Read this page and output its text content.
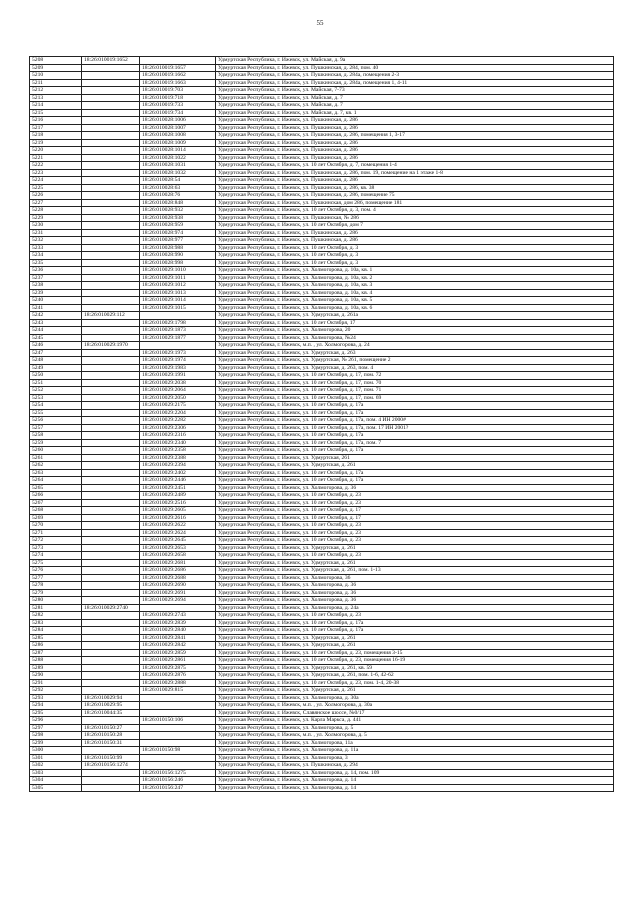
55
5208	18:26:010019:1652		Удмуртская Республика, г. Ижевск, ул. Майская, д. 9а
5209		18:26:010019:1657	Удмуртская Республика, г. Ижевск, ул. Пушкинская, д. 284, пом. 40
5210		18:26:010019:1662	Удмуртская Республика, г. Ижевск, ул. Пушкинская, д. 284а, помещения 2-3
5211		18:26:010019:1663	Удмуртская Республика, г. Ижевск, ул. Пушкинская, д. 284а, помещения 1, 4-11
5212		18:26:010019:703	Удмуртская Республика, г. Ижевск, ул. Майская, 7-73
5213		18:26:010019:718	Удмуртская Республика, г. Ижевск, ул. Майская, д. 7
5214		18:26:010019:733	Удмуртская Республика, г. Ижевск, ул. Майская, д. 7
5215		18:26:010019:734	Удмуртская Республика, г. Ижевск, ул. Майская, д. 7, кв. 1
5216		18:26:010028:1006	Удмуртская Республика, г. Ижевск, ул. Пушкинская, д. 286
5217		18:26:010028:1007	Удмуртская Республика, г. Ижевск, ул. Пушкинская, д. 286
5218		18:26:010028:1008	Удмуртская Республика, г. Ижевск, ул. Пушкинская, д. 286, помещения 1, 3-17
5219		18:26:010028:1009	Удмуртская Республика, г. Ижевск, ул. Пушкинская, д. 286
5220		18:26:010028:1014	Удмуртская Республика, г. Ижевск, ул. Пушкинская, д. 286
5221		18:26:010028:1022	Удмуртская Республика, г. Ижевск, ул. Пушкинская, д. 286
5222		18:26:010028:1031	Удмуртская Республика, г. Ижевск, ул. 10 лет Октября, д. 7, помещения 1-4
5223		18:26:010028:1032	Удмуртская Республика, г. Ижевск, ул. Пушкинская, д. 286, пом. 19, помещение на 1 этаже 1-8
5224		18:26:010028:54	Удмуртская Республика, г. Ижевск, ул. Пушкинская, д. 286
5225		18:26:010028:63	Удмуртская Республика, г. Ижевск, ул. Пушкинская, д. 286, кв. 38
5226		18:26:010028:76	Удмуртская Республика, г. Ижевск, ул. Пушкинская, д. 286, помещение 75
5227		18:26:010028:848	Удмуртская Республика, г. Ижевск, ул. Пушкинская, дом 286, помещение 181
5228		18:26:010028:932	Удмуртская Республика, г. Ижевск, ул. 10 лет Октября, д. 3, пом. 4
5229		18:26:010028:938	Удмуртская Республика, г. Ижевск, ул. Пушкинская, № 286
5230		18:26:010028:959	Удмуртская Республика, г. Ижевск, ул. 10 лет Октября, дом 7
5231		18:26:010028:974	Удмуртская Республика, г. Ижевск, ул. Пушкинская, д. 286
5232		18:26:010028:977	Удмуртская Республика, г. Ижевск, ул. Пушкинская, д. 286
5233		18:26:010028:988	Удмуртская Республика, г. Ижевск, ул. 10 лет Октября, д. 3
5234		18:26:010028:990	Удмуртская Республика, г. Ижевск, ул. 10 лет Октября, д. 3
5235		18:26:010028:998	Удмуртская Республика, г. Ижевск, ул. 10 лет Октября, д. 3
5236		18:26:010029:1010	Удмуртская Республика, г. Ижевск, ул. Холмогорова, д. 10а, кв. 1
5237		18:26:010029:1011	Удмуртская Республика, г. Ижевск, ул. Холмогорова, д. 10а, кв. 2
5238		18:26:010029:1012	Удмуртская Республика, г. Ижевск, ул. Холмогорова, д. 10а, кв. 3
5239		18:26:010029:1013	Удмуртская Республика, г. Ижевск, ул. Холмогорова, д. 10а, кв. 4
5240		18:26:010029:1014	Удмуртская Республика, г. Ижевск, ул. Холмогорова, д. 10а, кв. 5
5241		18:26:010029:1015	Удмуртская Республика, г. Ижевск, ул. Холмогорова, д. 10а, кв. 6
5242	18:26:010029:112		Удмуртская Республика, г. Ижевск, ул. Удмуртская, д. 261а
5243		18:26:010029:1798	Удмуртская Республика, г. Ижевск, ул. 10 лет Октября, 17
5244		18:26:010029:1873	Удмуртская Республика, г. Ижевск, ул. Холмогорова, 20
5245		18:26:010029:1877	Удмуртская Республика, г. Ижевск, ул. Холмогорова, №24
5246	18:26:010029:1970		Удмуртская Республика, г. Ижевск, м.п. , ул. Холмогорова, д. 24
5247		18:26:010029:1973	Удмуртская Республика, г. Ижевск, ул. Удмуртская, д. 263
5248		18:26:010029:1974	Удмуртская Республика, г. Ижевск, ул. Удмуртская, № 261, помещение 2
5249		18:26:010029:1983	Удмуртская Республика, г. Ижевск, ул. Удмуртская, д. 263, пом. 4
5250		18:26:010029:1991	Удмуртская Республика, г. Ижевск, ул. 10 лет Октября, д. 17, пом. 72
5251		18:26:010029:2038	Удмуртская Республика, г. Ижевск, ул. 10 лет Октября, д. 17, пом. 70
5252		18:26:010029:2064	Удмуртская Республика, г. Ижевск, ул. 10 лет Октября, д. 17, пом. 71
5253		18:26:010029:2050	Удмуртская Республика, г. Ижевск, ул. 10 лет Октября, д. 17, пом. 69
5254		18:26:010029:2175	Удмуртская Республика, г. Ижевск, ул. 10 лет Октября, д. 17а
5255		18:26:010029:2204	Удмуртская Республика, г. Ижевск, ул. 10 лет Октября, д. 17а
5256		18:26:010029:2282	Удмуртская Республика, г. Ижевск, ул. 10 лет Октября, д. 17а, пом. 4 ИН 2000#
5257		18:26:010029:2306	Удмуртская Республика, г. Ижевск, ул. 10 лет Октября, д. 17а, пом. 17 ИН 2001?
5258		18:26:010029:2316	Удмуртская Республика, г. Ижевск, ул. 10 лет Октября, д. 17а
5259		18:26:010029:2340	Удмуртская Республика, г. Ижевск, ул. 10 лет Октября, д. 17а, пом. 7
5260		18:26:010029:2358	Удмуртская Республика, г. Ижевск, ул. 10 лет Октября, д. 17а
5261		18:26:010029:2388	Удмуртская Республика, г. Ижевск, ул. Удмуртская, 261
5262		18:26:010029:2394	Удмуртская Республика, г. Ижевск, ул. Удмуртская, д. 261
5263		18:26:010029:2402	Удмуртская Республика, г. Ижевск, ул. 10 лет Октября, д. 17а
5264		18:26:010029:2446	Удмуртская Республика, г. Ижевск, ул. 10 лет Октября, д. 17а
5265		18:26:010029:2451	Удмуртская Республика, г. Ижевск, ул. Холмогорова, д. 36
5266		18:26:010029:2489	Удмуртская Республика, г. Ижевск, ул. 10 лет Октября, д. 23
5267		18:26:010029:2516	Удмуртская Республика, г. Ижевск, ул. 10 лет Октября, д. 23
5268		18:26:010029:2605	Удмуртская Республика, г. Ижевск, ул. 10 лет Октября, д. 17
5269		18:26:010029:2616	Удмуртская Республика, г. Ижевск, ул. 10 лет Октября, д. 17
5270		18:26:010029:2622	Удмуртская Республика, г. Ижевск, ул. 10 лет Октября, д. 23
5271		18:26:010029:2624	Удмуртская Республика, г. Ижевск, ул. 10 лет Октября, д. 23
5272		18:26:010029:2645	Удмуртская Республика, г. Ижевск, ул. 10 лет Октября, д. 23
5273		18:26:010029:2653	Удмуртская Республика, г. Ижевск, ул. Удмуртская, д. 261
5274		18:26:010029:2658	Удмуртская Республика, г. Ижевск, ул. 10 лет Октября, д. 23
5275		18:26:010029:2681	Удмуртская Республика, г. Ижевск, ул. Удмуртская, д. 261
5276		18:26:010029:2686	Удмуртская Республика, г. Ижевск, ул. Удмуртская, д. 261, пом. 1-13
5277		18:26:010029:2688	Удмуртская Республика, г. Ижевск, ул. Холмогорова, 36
5278		18:26:010029:2690	Удмуртская Республика, г. Ижевск, ул. Холмогорова, д. 36
5279		18:26:010029:2691	Удмуртская Республика, г. Ижевск, ул. Холмогорова, д. 36
5280		18:26:010029:2694	Удмуртская Республика, г. Ижевск, ул. Холмогорова, д. 36
5281	18:26:010029:2740		Удмуртская Республика, г. Ижевск, ул. Холмогорова, д. 24а
5282		18:26:010029:2743	Удмуртская Республика, г. Ижевск, ул. 10 лет Октября, д. 23
5283		18:26:010029:2839	Удмуртская Республика, г. Ижевск, ул. 10 лет Октября, д. 17а
5284		18:26:010029:2840	Удмуртская Республика, г. Ижевск, ул. 10 лет Октября, д. 17а
5285		18:26:010029:2841	Удмуртская Республика, г. Ижевск, ул. Удмуртская, д. 261
5286		18:26:010029:2842	Удмуртская Республика, г. Ижевск, ул. Удмуртская, д. 261
5287		18:26:010029:2859	Удмуртская Республика, г. Ижевск, ул. 10 лет Октября, д. 23, помещения 3-15
5288		18:26:010029:2861	Удмуртская Республика, г. Ижевск, ул. 10 лет Октября, д. 23, помещения 16-19
5289		18:26:010029:2875	Удмуртская Республика, г. Ижевск, ул. Удмуртская, д. 261, кв. 59
5290		18:26:010029:2876	Удмуртская Республика, г. Ижевск, ул. Удмуртская, д. 261, пом. 1-6, 42-62
5291		18:26:010029:2888	Удмуртская Республика, г. Ижевск, ул. 10 лет Октября, д. 23, пом. 1-4, 20-38
5292		18:26:010029:815	Удмуртская Республика, г. Ижевск, ул. Удмуртская, д. 261
5293	18:26:010029:94		Удмуртская Республика, г. Ижевск, ул. Холмогорова, д. 30а
5294	18:26:010029:95		Удмуртская Республика, г. Ижевск, м.п. , ул. Холмогорова, д. 30а
5295	18:26:010044:35		Удмуртская Республика, г. Ижевск, Славянское шоссе, №0/17
5296		18:26:010150:106	Удмуртская Республика, г. Ижевск, ул. Карла Маркса, д. 441
5297	18:26:010150:27		Удмуртская Республика, г. Ижевск, ул. Холмогорова, д. 5
5298	18:26:010150:28		Удмуртская Республика, г. Ижевск, м.п. , ул. Холмогорова, д. 5
5299	18:26:010150:31		Удмуртская Республика, г. Ижевск, ул. Холмогорова, 11а
5300		18:26:010150:98	Удмуртская Республика, г. Ижевск, ул. Холмогорова, д. 11а
5301	18:26:010150:99		Удмуртская Республика, г. Ижевск, ул. Холмогорова, 3
5302	18:26:010156:1274		Удмуртская Республика, г. Ижевск, ул. Пушкинская, д. 294
5303		18:26:010156:1275	Удмуртская Республика, г. Ижевск, ул. Холмогорова, д. 14, пом. 109
5304		18:26:010156:246	Удмуртская Республика, г. Ижевск, ул. Холмогорова, д. 14
5305		18:26:010156:247	Удмуртская Республика, г. Ижевск, ул. Холмогорова, д. 14
